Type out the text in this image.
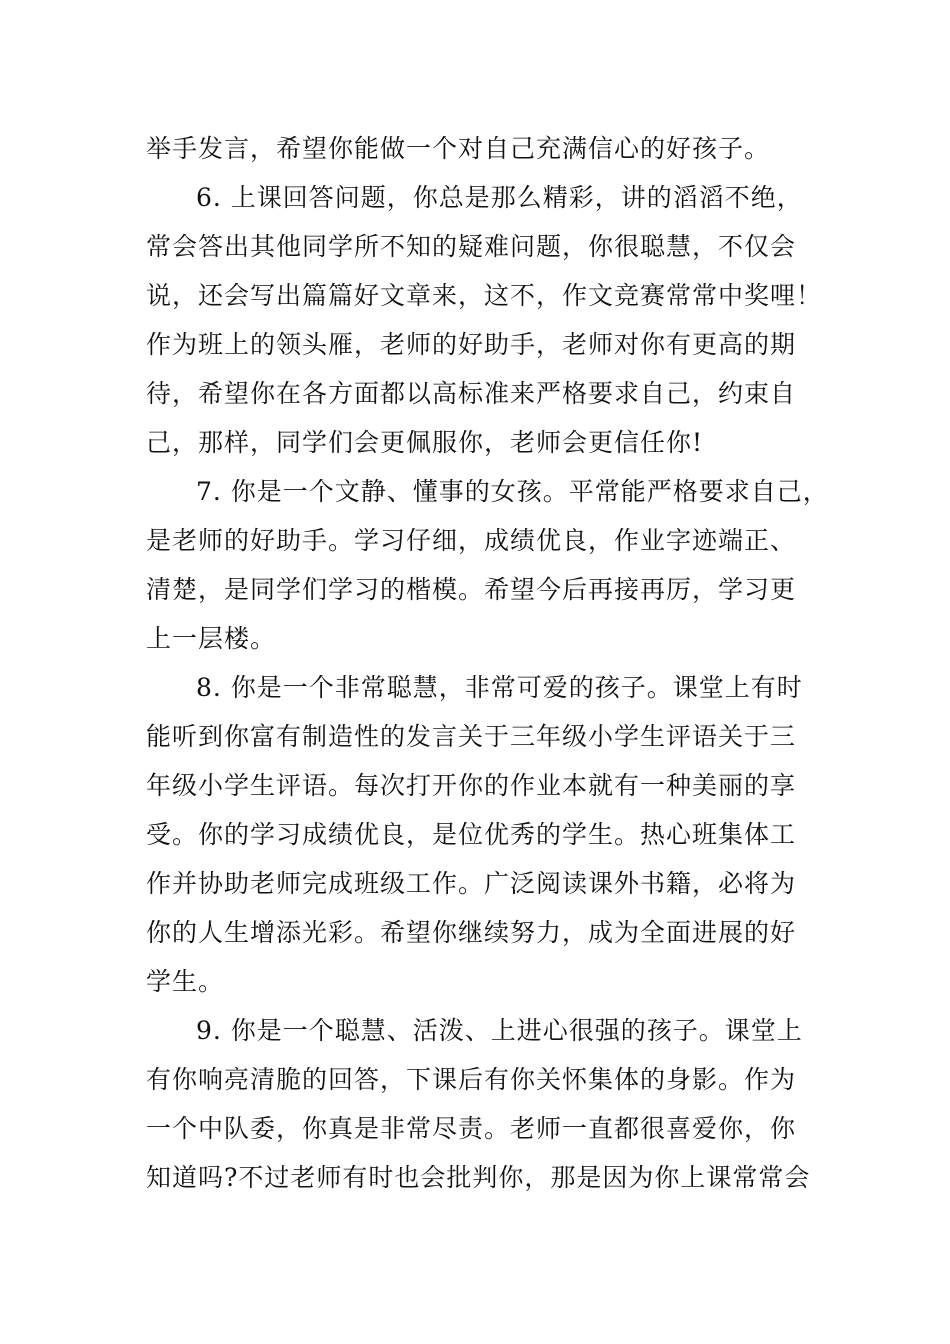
举手发言，希望你能做一个对自己充满信心的好孩子。
6. 上课回答问题，你总是那么精彩，讲的滔滔不绝，
常会答出其他同学所不知的疑难问题，你很聪慧，不仅会
说，还会写出篇篇好文章来，这不，作文竞赛常常中奖哩！
作为班上的领头雁，老师的好助手，老师对你有更高的期
待，希望你在各方面都以高标准来严格要求自己，约束自
己，那样，同学们会更佩服你，老师会更信任你!
7. 你是一个文静、懂事的女孩。平常能严格要求自己，
是老师的好助手。学习仔细，成绩优良，作业字迹端正、
清楚，是同学们学习的楷模。希望今后再接再厉，学习更
上一层楼。
8. 你是一个非常聪慧，非常可爱的孩子。课堂上有时
能听到你富有制造性的发言关于三年级小学生评语关于三
年级小学生评语。每次打开你的作业本就有一种美丽的享
受。你的学习成绩优良，是位优秀的学生。热心班集体工
作并协助老师完成班级工作。广泛阅读课外书籍，必将为
你的人生增添光彩。希望你继续努力，成为全面进展的好
学生。
9. 你是一个聪慧、活泼、上进心很强的孩子。课堂上
有你响亮清脆的回答，下课后有你关怀集体的身影。作为
一个中队委，你真是非常尽责。老师一直都很喜爱你，你
知道吗?不过老师有时也会批判你，那是因为你上课常常会
